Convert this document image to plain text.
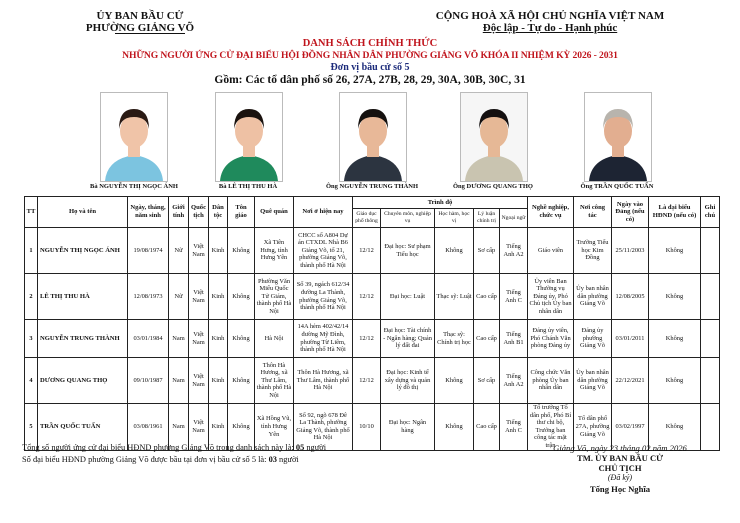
ỦY BAN BẦU CỬ
PHƯỜNG GIẢNG VÕ
CỘNG HOÀ XÃ HỘI CHỦ NGHĨA VIỆT NAM
Độc lập - Tự do - Hạnh phúc
DANH SÁCH CHÍNH THỨC
NHỮNG NGƯỜI ỨNG CỬ ĐẠI BIỂU HỘI ĐỒNG NHÂN DÂN PHƯỜNG GIẢNG VÕ KHÓA II NHIỆM KỲ 2026 - 2031
Đơn vị bầu cử số 5
Gồm: Các tổ dân phố số 26, 27A, 27B, 28, 29, 30A, 30B, 30C, 31
Bà NGUYỄN THỊ NGỌC ÁNH	Bà LÊ THỊ THU HÀ	Ông NGUYỄN TRUNG THÀNH	Ông DƯƠNG QUANG THỌ	Ông TRẦN QUỐC TUẤN
TT	Họ và tên	Ngày, tháng, năm sinh	Giới tính	Quốc tịch	Dân tộc	Tôn giáo	Quê quán	Nơi ở hiện nay	Trình độ					Nghề nghiệp, chức vụ	Nơi công tác	Ngày vào Đảng (nếu có)	Là đại biểu HĐND (nếu có)	Ghi chú
									Giáo dục phổ thông	Chuyên môn, nghiệp vụ	Học hàm, học vị	Lý luận chính trị	Ngoại ngữ					
1	NGUYỄN THỊ NGỌC ÁNH	19/08/1974	Nữ	Việt Nam	Kinh	Không	Xã Tiên Hưng, tỉnh Hưng Yên	CHCC số A804 Dự án CTXDL Nhà B6 Giảng Võ, tổ 21, phường Giảng Võ, thành phố Hà Nội	12/12	Đại học: Sư phạm Tiểu học	Không	Sơ cấp	Tiếng Anh A2	Giáo viên	Trường Tiểu học Kim Đồng	25/11/2003	Không	
2	LÊ THỊ THU HÀ	12/08/1973	Nữ	Việt Nam	Kinh	Không	Phường Văn Miếu Quốc Tử Giám, thành phố Hà Nội	Số 39, ngách 612/34 đường La Thành, phường Giảng Võ, thành phố Hà Nội	12/12	Đại học: Luật	Thạc sỹ: Luật	Cao cấp	Tiếng Anh C	Ủy viên Ban Thường vụ Đảng ủy, Phó Chủ tịch Ủy ban nhân dân	Ủy ban nhân dân phường Giảng Võ	12/08/2005	Không	
3	NGUYỄN TRUNG THÀNH	03/01/1984	Nam	Việt Nam	Kinh	Không	Hà Nội	14A hẻm 402/42/14 đường Mỹ Đình, phường Từ Liêm, thành phố Hà Nội	12/12	Đại học: Tài chính - Ngân hàng; Quản lý đất đai	Thạc sỹ: Chính trị học	Cao cấp	Tiếng Anh B1	Đảng ủy viên, Phó Chánh Văn phòng Đảng ủy	Đảng ủy phường Giảng Võ	03/01/2011	Không	
4	DƯƠNG QUANG THỌ	09/10/1987	Nam	Việt Nam	Kinh	Không	Thôn Hà Hương, xã Thư Lâm, thành phố Hà Nội	Thôn Hà Hương, xã Thư Lâm, thành phố Hà Nội	12/12	Đại học: Kinh tế xây dựng và quản lý đô thị	Không	Sơ cấp	Tiếng Anh A2	Công chức Văn phòng Ủy ban nhân dân	Ủy ban nhân dân phường Giảng Võ	22/12/2021	Không	
5	TRẦN QUỐC TUẤN	03/08/1961	Nam	Việt Nam	Kinh	Không	Xã Hồng Vũ, tỉnh Hưng Yên	Số 92, ngõ 678 Đê La Thành, phường Giảng Võ, thành phố Hà Nội	10/10	Đại học: Ngân hàng	Không	Cao cấp	Tiếng Anh C	Tổ trưởng Tổ dân phố, Phó Bí thư chi bộ, Trưởng ban công tác mặt trận	Tổ dân phố 27A, phường Giảng Võ	03/02/1997	Không	
Tổng số người ứng cử đại biểu HĐND phường Giảng Võ trong danh sách này là: 05 người
Số đại biểu HĐND phường Giảng Võ được bầu tại đơn vị bầu cử số 5 là: 03 người
Giảng Võ, ngày 23 tháng 02 năm 2026
TM. ỦY BAN BẦU CỬ
CHỦ TỊCH
(Đã ký)
Tống Học Nghĩa
